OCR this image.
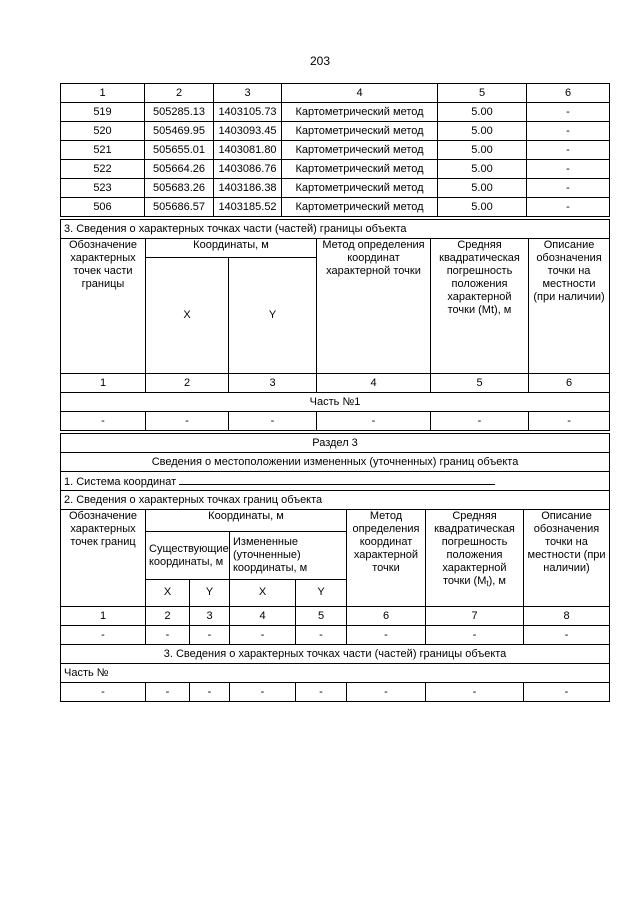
203
1	2	3	4	5	6
519	505285.13	1403105.73	Картометрический метод	5.00	-
520	505469.95	1403093.45	Картометрический метод	5.00	-
521	505655.01	1403081.80	Картометрический метод	5.00	-
522	505664.26	1403086.76	Картометрический метод	5.00	-
523	505683.26	1403186.38	Картометрический метод	5.00	-
506	505686.57	1403185.52	Картометрический метод	5.00	-
3. Сведения о характерных точках части (частей) границы объекта					
Обозначение характерных точек части границы	Координаты, м		Метод определения координат характерной точки	Средняя квадратическая погрешность положения характерной точки (Mt), м	Описание обозначения точки на местности (при наличии)
	X	Y			
1	2	3	4	5	6
Часть №1					
-	-	-	-	-	-
Раздел 3							
Сведения о местоположении измененных (уточненных) границ объекта							
1. Система координат							
2. Сведения о характерных точках границ объекта							
Обозначение характерных точек границ	Координаты, м				Метод определения координат характерной точки	Средняя квадратическая погрешность положения характерной точки $(M_t)$, м	Описание обозначения точки на местности (при наличии)
	Существующие координаты, м		Измененные (уточненные) координаты, м				
	X	Y	X	Y			
1	2	3	4	5	6	7	8
-	-	-	-	-	-	-	-
3. Сведения о характерных точках части (частей) границы объекта							
Часть №							
-	-	-	-	-	-	-	-
